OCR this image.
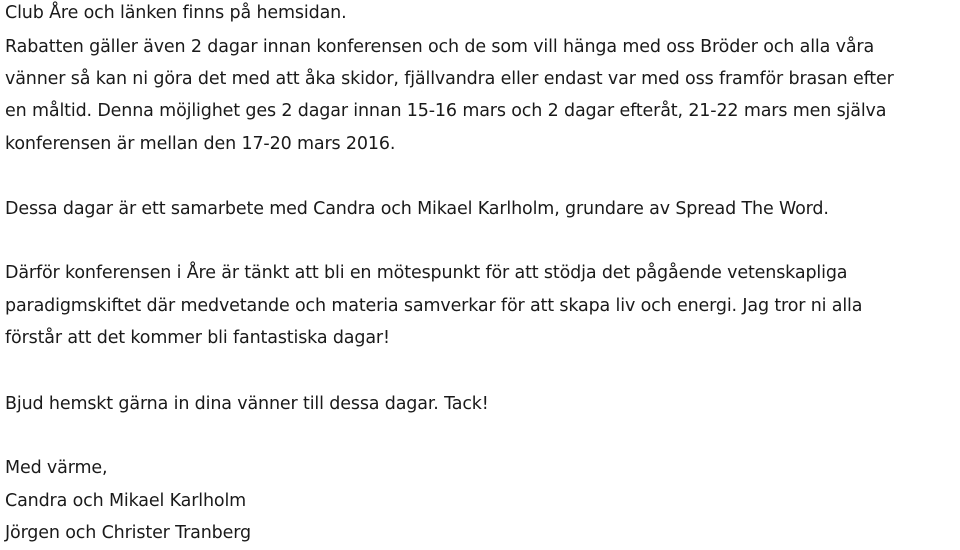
Club Åre och länken finns på hemsidan.
Rabatten gäller även 2 dagar innan konferensen och de som vill hänga med oss Bröder och alla våra
vänner så kan ni göra det med att åka skidor, fjällvandra eller endast var med oss framför brasan efter
en måltid. Denna möjlighet ges 2 dagar innan 15-16 mars och 2 dagar efteråt, 21-22 mars men själva
konferensen är mellan den 17-20 mars 2016.
Dessa dagar är ett samarbete med Candra och Mikael Karlholm, grundare av Spread The Word.
Därför konferensen i Åre är tänkt att bli en mötespunkt för att stödja det pågående vetenskapliga
paradigmskiftet där medvetande och materia samverkar för att skapa liv och energi. Jag tror ni alla
förstår att det kommer bli fantastiska dagar!
Bjud hemskt gärna in dina vänner till dessa dagar. Tack!
Med värme,
Candra och Mikael Karlholm
Jörgen och Christer Tranberg
